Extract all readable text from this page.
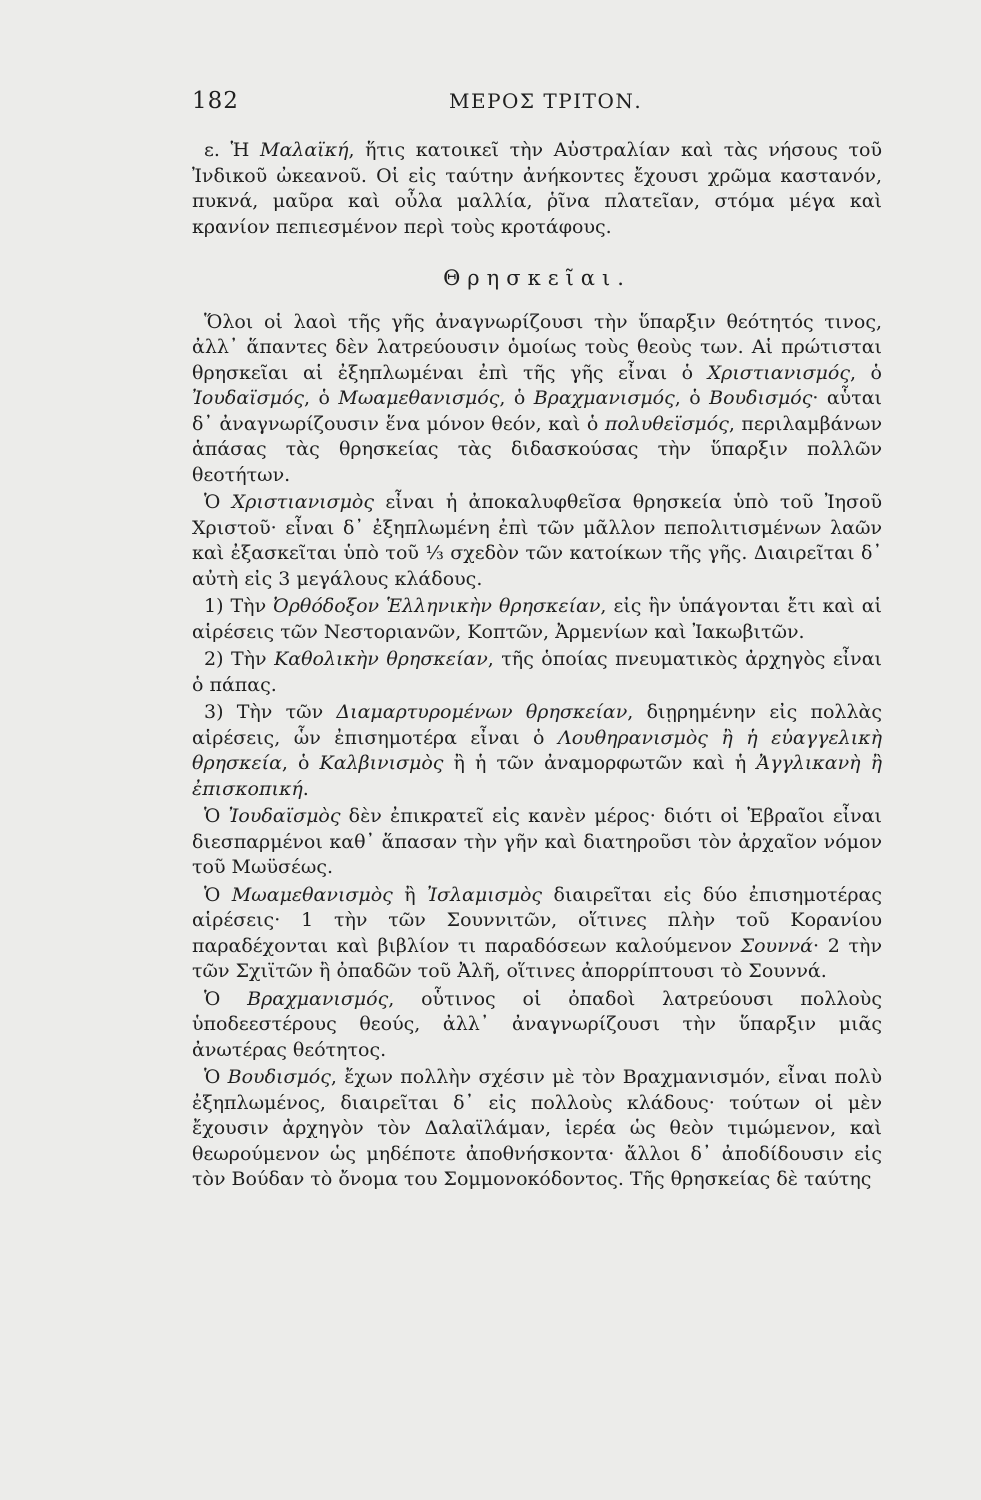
182	ΜΕΡΟΣ ΤΡΙΤΟΝ.

ε. Ἡ Μαλαϊκή, ἥτις κατοικεῖ τὴν Αὐστραλίαν καὶ τὰς νήσους τοῦ Ἰνδικοῦ ὠκεανοῦ. Οἱ εἰς ταύτην ἀνήκοντες ἔχουσι χρῶμα καστανόν, πυκνά, μαῦρα καὶ οὖλα μαλλία, ῥῖνα πλατεῖαν, στόμα μέγα καὶ κρανίον πεπιεσμένον περὶ τοὺς κροτάφους.

Θρησκεῖαι.

Ὅλοι οἱ λαοὶ τῆς γῆς ἀναγνωρίζουσι τὴν ὕπαρξιν θεότητός τινος, ἀλλ᾿ ἅπαντες δὲν λατρεύουσιν ὁμοίως τοὺς θεοὺς των. Αἱ πρώτισται θρησκεῖαι αἱ ἐξηπλωμέναι ἐπὶ τῆς γῆς εἶναι ὁ Χριστιανισμός, ὁ Ἰουδαϊσμός, ὁ Μωαμεθανισμός, ὁ Βραχμανισμός, ὁ Βουδισμός· αὗται δ᾿ ἀναγνωρίζουσιν ἕνα μόνον θεόν, καὶ ὁ πολυθεϊσμός, περιλαμβάνων ἁπάσας τὰς θρησκείας τὰς διδασκούσας τὴν ὕπαρξιν πολλῶν θεοτήτων.

Ὁ Χριστιανισμὸς εἶναι ἡ ἀποκαλυφθεῖσα θρησκεία ὑπὸ τοῦ Ἰησοῦ Χριστοῦ· εἶναι δ᾿ ἐξηπλωμένη ἐπὶ τῶν μᾶλλον πεπολιτισμένων λαῶν καὶ ἐξασκεῖται ὑπὸ τοῦ ⅓ σχεδὸν τῶν κατοίκων τῆς γῆς. Διαιρεῖται δ᾿ αὐτὴ εἰς 3 μεγάλους κλάδους.

1) Τὴν Ὀρθόδοξον Ἑλληνικὴν θρησκείαν, εἰς ἣν ὑπάγονται ἔτι καὶ αἱ αἱρέσεις τῶν Νεστοριανῶν, Κοπτῶν, Ἀρμενίων καὶ Ἰακωβιτῶν.

2) Τὴν Καθολικὴν θρησκείαν, τῆς ὁποίας πνευματικὸς ἀρχηγὸς εἶναι ὁ πάπας.

3) Τὴν τῶν Διαμαρτυρομένων θρησκείαν, διῃρημένην εἰς πολλὰς αἱρέσεις, ὧν ἐπισημοτέρα εἶναι ὁ Λουθηρανισμὸς ἢ ἡ εὐαγγελικὴ θρησκεία, ὁ Καλβινισμὸς ἢ ἡ τῶν ἀναμορφωτῶν καὶ ἡ Ἀγγλικανὴ ἢ ἐπισκοπική.

Ὁ Ἰουδαϊσμὸς δὲν ἐπικρατεῖ εἰς κανὲν μέρος· διότι οἱ Ἑβραῖοι εἶναι διεσπαρμένοι καθ᾿ ἅπασαν τὴν γῆν καὶ διατηροῦσι τὸν ἀρχαῖον νόμον τοῦ Μωϋσέως.

Ὁ Μωαμεθανισμὸς ἢ Ἰσλαμισμὸς διαιρεῖται εἰς δύο ἐπισημοτέρας αἱρέσεις· 1 τὴν τῶν Σουννιτῶν, οἵτινες πλὴν τοῦ Κορανίου παραδέχονται καὶ βιβλίον τι παραδόσεων καλούμενον Σουννά· 2 τὴν τῶν Σχιϊτῶν ἢ ὀπαδῶν τοῦ Ἀλῆ, οἵτινες ἀπορρίπτουσι τὸ Σουννά.

Ὁ Βραχμανισμός, οὗτινος οἱ ὀπαδοὶ λατρεύουσι πολλοὺς ὑποδεεστέρους θεούς, ἀλλ᾿ ἀναγνωρίζουσι τὴν ὕπαρξιν μιᾶς ἀνωτέρας θεότητος.

Ὁ Βουδισμός, ἔχων πολλὴν σχέσιν μὲ τὸν Βραχμανισμόν, εἶναι πολὺ ἐξηπλωμένος, διαιρεῖται δ᾿ εἰς πολλοὺς κλάδους· τούτων οἱ μὲν ἔχουσιν ἀρχηγὸν τὸν Δαλαϊλάμαν, ἱερέα ὡς θεὸν τιμώμενον, καὶ θεωρούμενον ὡς μηδέποτε ἀποθνήσκοντα· ἄλλοι δ᾿ ἀποδίδουσιν εἰς τὸν Βούδαν τὸ ὄνομα του Σομμονοκόδοντος. Τῆς θρησκείας δὲ ταύτης
